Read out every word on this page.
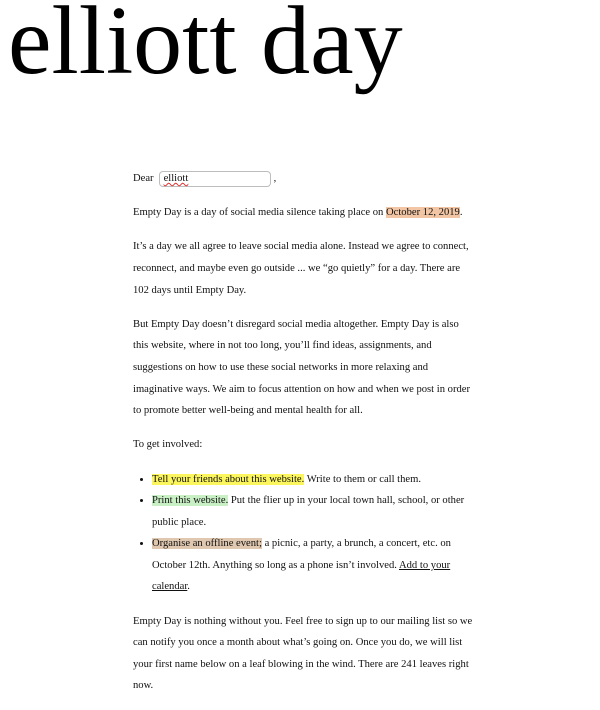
elliott day

Dear elliott	,

Empty Day is a day of social media silence taking place on October 12, 2019.

It’s a day we all agree to leave social media alone. Instead we agree to connect, reconnect, and maybe even go outside ... we “go quietly” for a day. There are 102 days until Empty Day.

But Empty Day doesn’t disregard social media altogether. Empty Day is also this website, where in not too long, you’ll find ideas, assignments, and suggestions on how to use these social networks in more relaxing and imaginative ways. We aim to focus attention on how and when we post in order to promote better well-being and mental health for all.

To get involved:

• Tell your friends about this website. Write to them or call them.
• Print this website. Put the flier up in your local town hall, school, or other public place.
• Organise an offline event; a picnic, a party, a brunch, a concert, etc. on October 12th. Anything so long as a phone isn’t involved. Add to your calendar.

Empty Day is nothing without you. Feel free to sign up to our mailing list so we can notify you once a month about what’s going on. Once you do, we will list your first name below on a leaf blowing in the wind. There are 241 leaves right now.
